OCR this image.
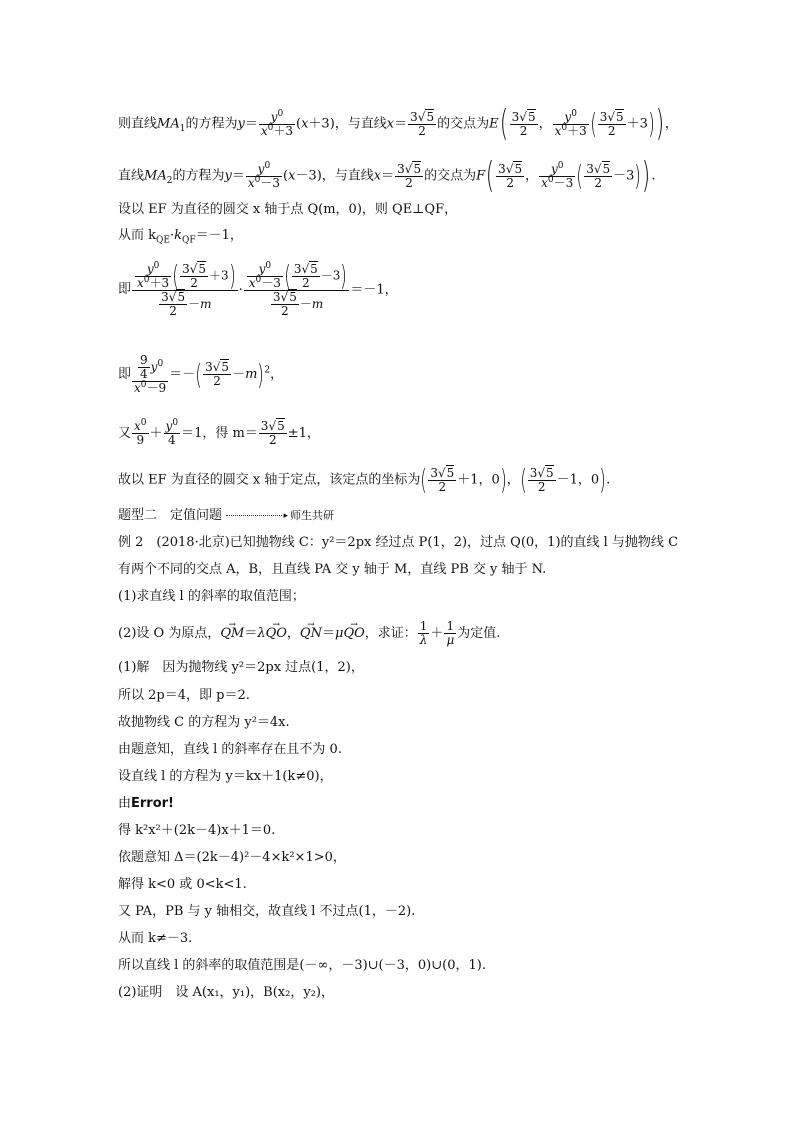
则直线$MA_1$的方程为$y= \frac{y^0}{x^0+3} (x+3)$，与直线$x= \frac{3√5}{2}$ 的交点为$E( \frac{3√5}{2}$ ， $\frac{y^0}{x^0+3}$ ( $\frac{3√5}{2} +3$))，
直线$MA_2$的方程为$y= \frac{y^0}{x^0-3} (x-3)$，与直线$x= \frac{3√5}{2}$ 的交点为$F( \frac{3√5}{2}$ ， $\frac{y^0}{x^0-3}$ ( $\frac{3√5}{2} -3$)).
设以 EF 为直径的圆交 x 轴于点 Q(m，0)，则 QE⊥QF，
从而 $k_{QE}\cdot k_{QF}=-1$，
即 $\frac{\frac{y^0}{x^0+3} ( \frac{3√5}{2} +3)}{\frac{3√5}{2} -m} \cdot \frac{\frac{y^0}{x^0-3} ( \frac{3√5}{2} -3)}{\frac{3√5}{2} -m} =-1$，
即 $\frac{\frac{9}{4} y^0}{x^0-9}$ ＝－( $\frac{3√5}{2} -m)^2$，
又 $\frac{x^0}{9} + \frac{y^0}{4} =1$，得 $m= \frac{3√5}{2} \pm 1$，
故以 EF 为直径的圆交 x 轴于定点，该定点的坐标为( $\frac{3√5}{2} +1$，0)，( $\frac{3√5}{2} -1$，0).
题型二　定值问题▸	师生共研
例 2　 (2018·北京)已知抛物线 C：y²＝2px 经过点 P(1，2)，过点 Q(0，1)的直线 l 与抛物线 C
有两个不同的交点 A，B，且直线 PA 交 y 轴于 M，直线 PB 交 y 轴于 N.
(1)求直线 l 的斜率的取值范围；
(2)设 O 为原点，→ QM＝λ→ QO，→ QN＝μ→ QO，求证： $\frac{1}{\lambda} + \frac{1}{\mu}$ 为定值.
(1)解　因为抛物线 y²＝2px 过点(1，2)，
所以 2p＝4，即 p＝2.
故抛物线 C 的方程为 y²＝4x.
由题意知，直线 l 的斜率存在且不为 0.
设直线 l 的方程为 y＝kx＋1(k≠0)，
由Error!
得 k²x²＋(2k－4)x＋1＝0.
依题意知 Δ＝(2k－4)²－4×k²×1>0，
解得 k<0 或 0<k<1.
又 PA，PB 与 y 轴相交，故直线 l 不过点(1，－2).
从而 k≠－3.
所以直线 l 的斜率的取值范围是(－∞，－3)∪(－3，0)∪(0，1).
(2)证明　设 A(x₁，y₁)，B(x₂，y₂)，
